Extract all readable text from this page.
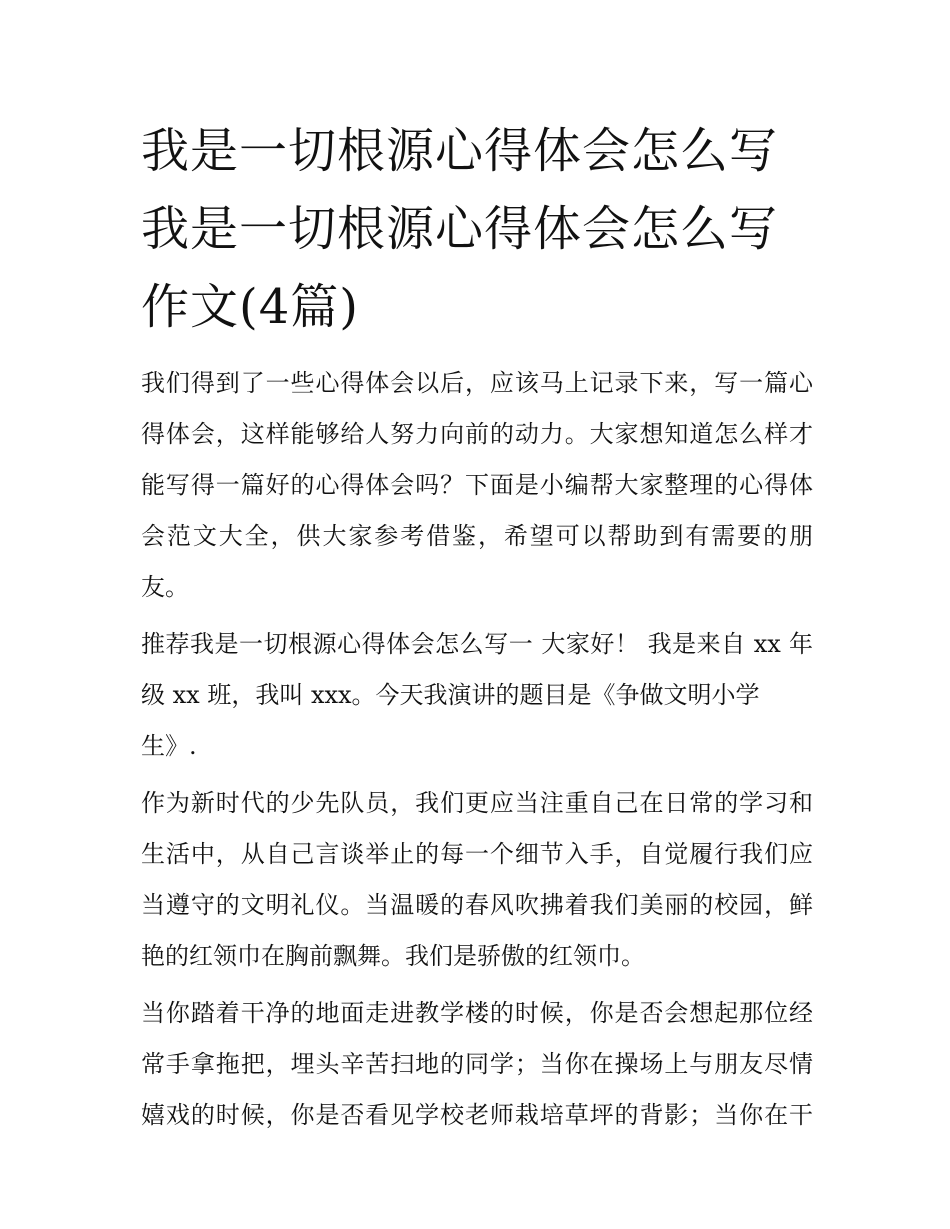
我是一切根源心得体会怎么写
我是一切根源心得体会怎么写
作文(4篇)

我们得到了一些心得体会以后，应该马上记录下来，写一篇心
得体会，这样能够给人努力向前的动力。大家想知道怎么样才
能写得一篇好的心得体会吗？下面是小编帮大家整理的心得体
会范文大全，供大家参考借鉴，希望可以帮助到有需要的朋
友。

推荐我是一切根源心得体会怎么写一 大家好！ 我是来自 xx 年
级 xx 班，我叫 xxx。今天我演讲的题目是《争做文明小学
生》.

作为新时代的少先队员，我们更应当注重自己在日常的学习和
生活中，从自己言谈举止的每一个细节入手，自觉履行我们应
当遵守的文明礼仪。当温暖的春风吹拂着我们美丽的校园，鲜
艳的红领巾在胸前飘舞。我们是骄傲的红领巾。

当你踏着干净的地面走进教学楼的时候，你是否会想起那位经
常手拿拖把，埋头辛苦扫地的同学；当你在操场上与朋友尽情
嬉戏的时候，你是否看见学校老师栽培草坪的背影；当你在干
